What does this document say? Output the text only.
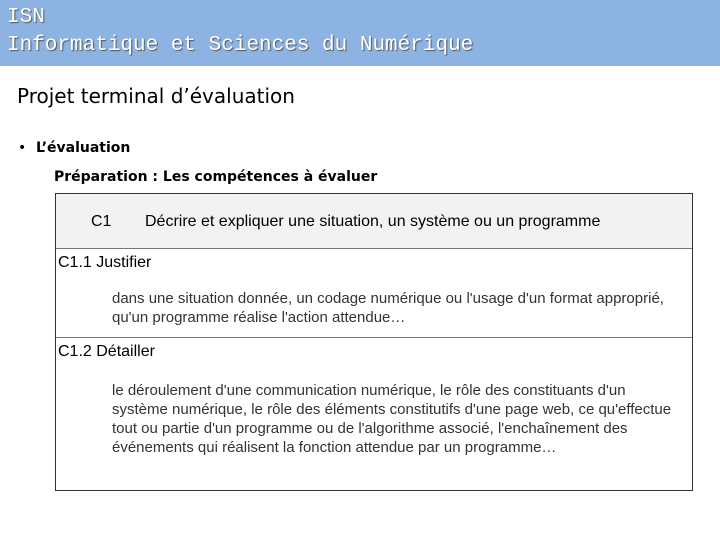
ISN
Informatique et Sciences du Numérique
Projet terminal d’évaluation
• L’évaluation
Préparation : Les compétences à évaluer
C1 Décrire et expliquer une situation, un système ou un programme
C1.1 Justifier
dans une situation donnée, un codage numérique ou l'usage d'un format approprié, qu'un programme réalise l'action attendue…
C1.2 Détailler
le déroulement d'une communication numérique, le rôle des constituants d'un système numérique, le rôle des éléments constitutifs d'une page web, ce qu'effectue tout ou partie d'un programme ou de l'algorithme associé, l'enchaînement des événements qui réalisent la fonction attendue par un programme…
